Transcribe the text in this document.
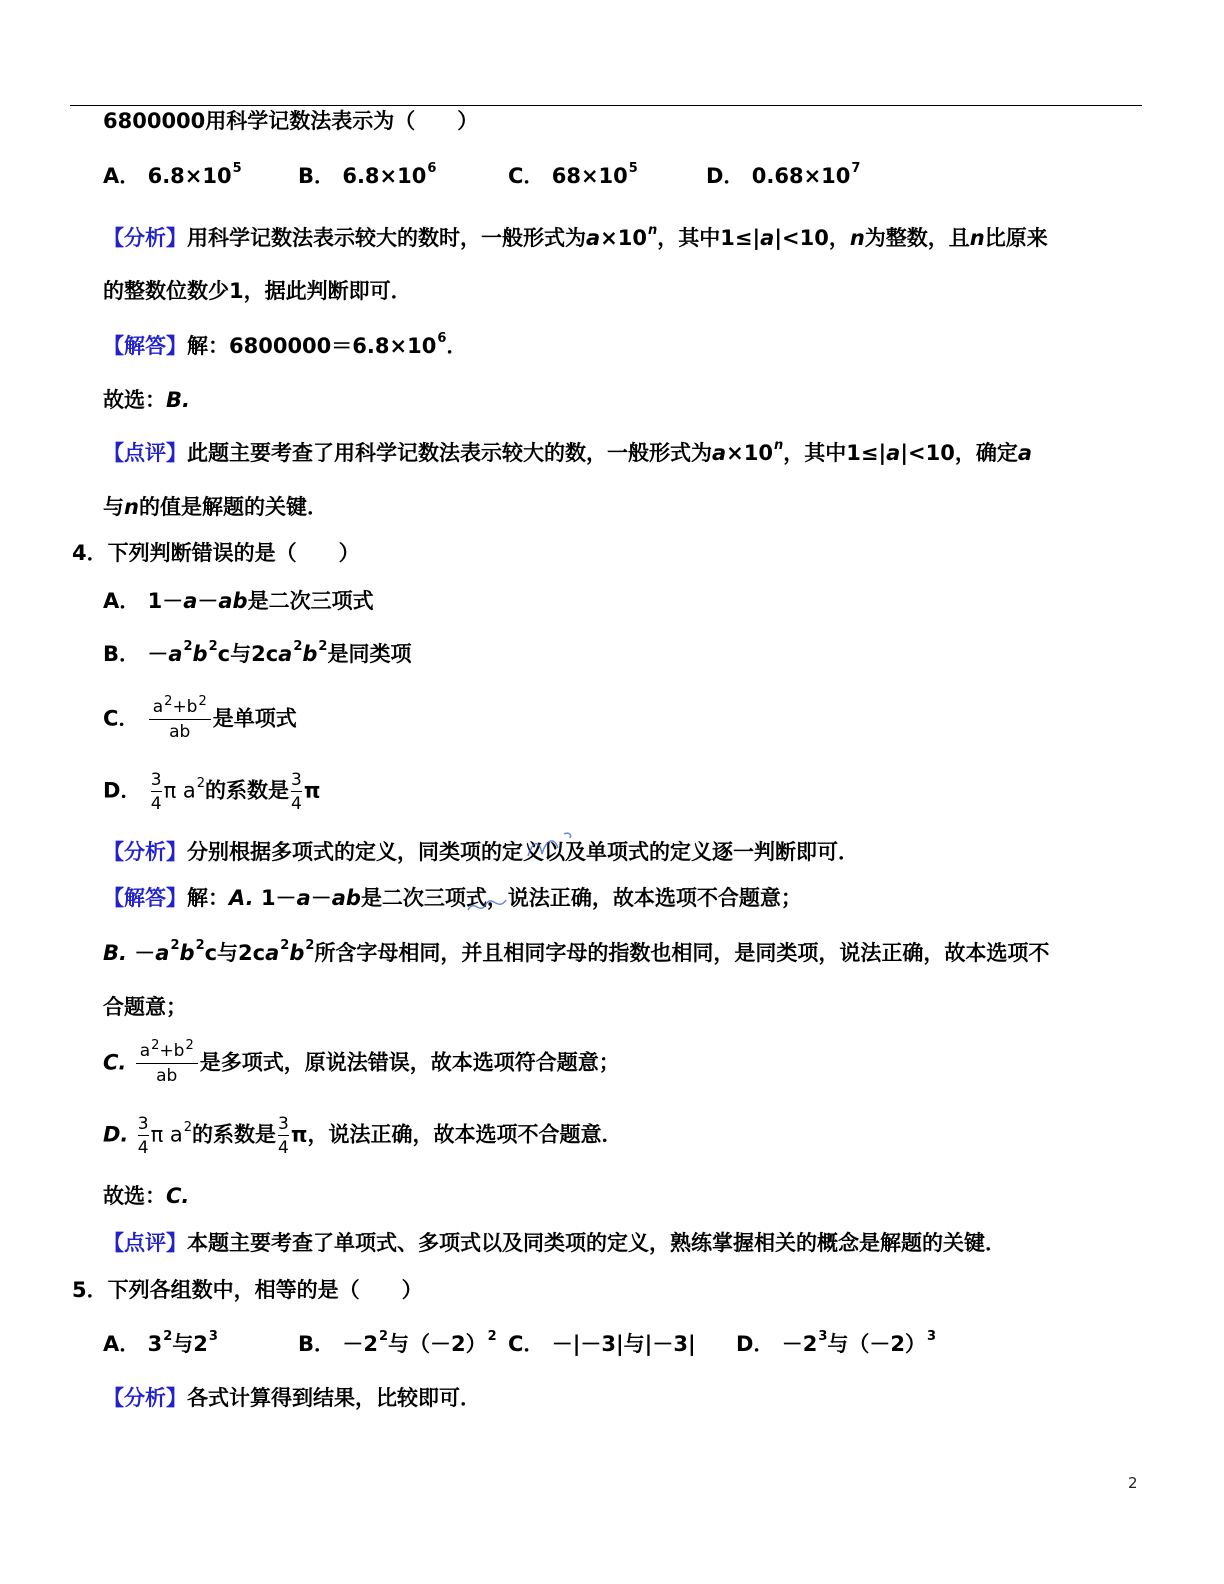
6800000用科学记数法表示为（　　）
A． $6.8\times 10^5$	B． $6.8\times 10^6$	C． $68\times 10^5$	D． $0.68\times 10^7$
【分析】用科学记数法表示较大的数时，一般形式为$a\times 10^n$，其中1≤|a|<10，n为整数，且n比原来
的整数位数少1，据此判断即可．
【解答】解：$6800000=6.8\times 10^6$．
故选：B.
【点评】此题主要考查了用科学记数法表示较大的数，一般形式为$a\times 10^n$，其中1≤|a|<10，确定a
与n的值是解题的关键．
4．下列判断错误的是（　　）
A． 1－a－ab是二次三项式
B． $-a^2b^2c$与$2ca^2b^2$是同类项
C． $\frac{a^2+b^2}{ab}$ 是单项式
D． $\frac{3}{4}$ π $a^2$的系数是 $\frac{3}{4}$ π
【分析】分别根据多项式的定义，同类项的定义以及单项式的定义逐一判断即可．
【解答】解：A. 1－a－ab是二次三项式，说法正确，故本选项不合题意；
B. $-a^2b^2c$与$2ca^2b^2$所含字母相同，并且相同字母的指数也相同，是同类项，说法正确，故本选项不
合题意；
C. $\frac{a^2+b^2}{ab}$ 是多项式，原说法错误，故本选项符合题意；
D. $\frac{3}{4}$ π $a^2$的系数是 $\frac{3}{4}$ π，说法正确，故本选项不合题意．
故选：C.
【点评】本题主要考查了单项式、多项式以及同类项的定义，熟练掌握相关的概念是解题的关键．
5．下列各组数中，相等的是（　　）
A． $3^2$与$2^3$	B． $-2^2$与$(-2)^2$ C． －|－3|与|－3| D． $-2^3$与$(-2)^3$
【分析】各式计算得到结果，比较即可．
2
